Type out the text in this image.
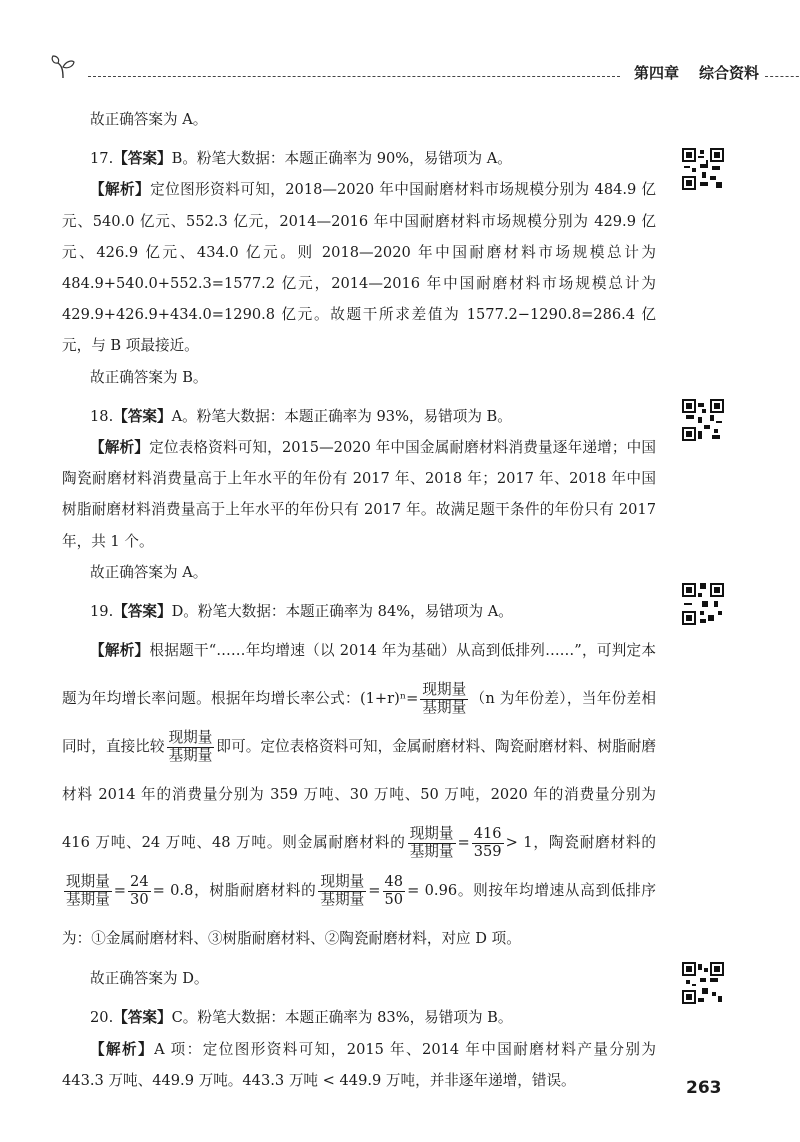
第四章 综合资料

故正确答案为 A。

17.【答案】B。粉笔大数据：本题正确率为 90%，易错项为 A。

【解析】定位图形资料可知，2018—2020 年中国耐磨材料市场规模分别为 484.9 亿元、540.0 亿元、552.3 亿元，2014—2016 年中国耐磨材料市场规模分别为 429.9 亿元、426.9 亿元、434.0 亿元。则 2018—2020 年中国耐磨材料市场规模总计为 484.9+540.0+552.3=1577.2 亿元，2014—2016 年中国耐磨材料市场规模总计为 429.9+426.9+434.0=1290.8 亿元。故题干所求差值为 1577.2−1290.8=286.4 亿元，与 B 项最接近。

故正确答案为 B。

18.【答案】A。粉笔大数据：本题正确率为 93%，易错项为 B。

【解析】定位表格资料可知，2015—2020 年中国金属耐磨材料消费量逐年递增；中国陶瓷耐磨材料消费量高于上年水平的年份有 2017 年、2018 年；2017 年、2018 年中国树脂耐磨材料消费量高于上年水平的年份只有 2017 年。故满足题干条件的年份只有 2017 年，共 1 个。

故正确答案为 A。

19.【答案】D。粉笔大数据：本题正确率为 84%，易错项为 A。

【解析】根据题干“……年均增速（以 2014 年为基础）从高到低排列……”，可判定本题为年均增长率问题。根据年均增长率公式：$(1+r)^n= \frac{\text{现期量}}{\text{基期量}} (n$ 为年份差），当年份差相同时，直接比较 $\frac{\text{现期量}}{\text{基期量}}$ 即可。定位表格资料可知，金属耐磨材料、陶瓷耐磨材料、树脂耐磨材料 2014 年的消费量分别为 359 万吨、30 万吨、50 万吨，2020 年的消费量分别为 416 万吨、24 万吨、48 万吨。则金属耐磨材料的 $\frac{\text{现期量}}{\text{基期量}} = \frac{416}{359} > 1$，陶瓷耐磨材料的
$\frac{\text{现期量}}{\text{基期量}} = \frac{24}{30} = 0.8$，树脂耐磨材料的 $\frac{\text{现期量}}{\text{基期量}} = \frac{48}{50} = 0.96$。则按年均增速从高到低排序为：①金属耐磨材料、③树脂耐磨材料、②陶瓷耐磨材料，对应 D 项。

故正确答案为 D。

20.【答案】C。粉笔大数据：本题正确率为 83%，易错项为 B。

【解析】A 项：定位图形资料可知，2015 年、2014 年中国耐磨材料产量分别为 443.3 万吨、449.9 万吨。443.3 万吨 < 449.9 万吨，并非逐年递增，错误。	263
